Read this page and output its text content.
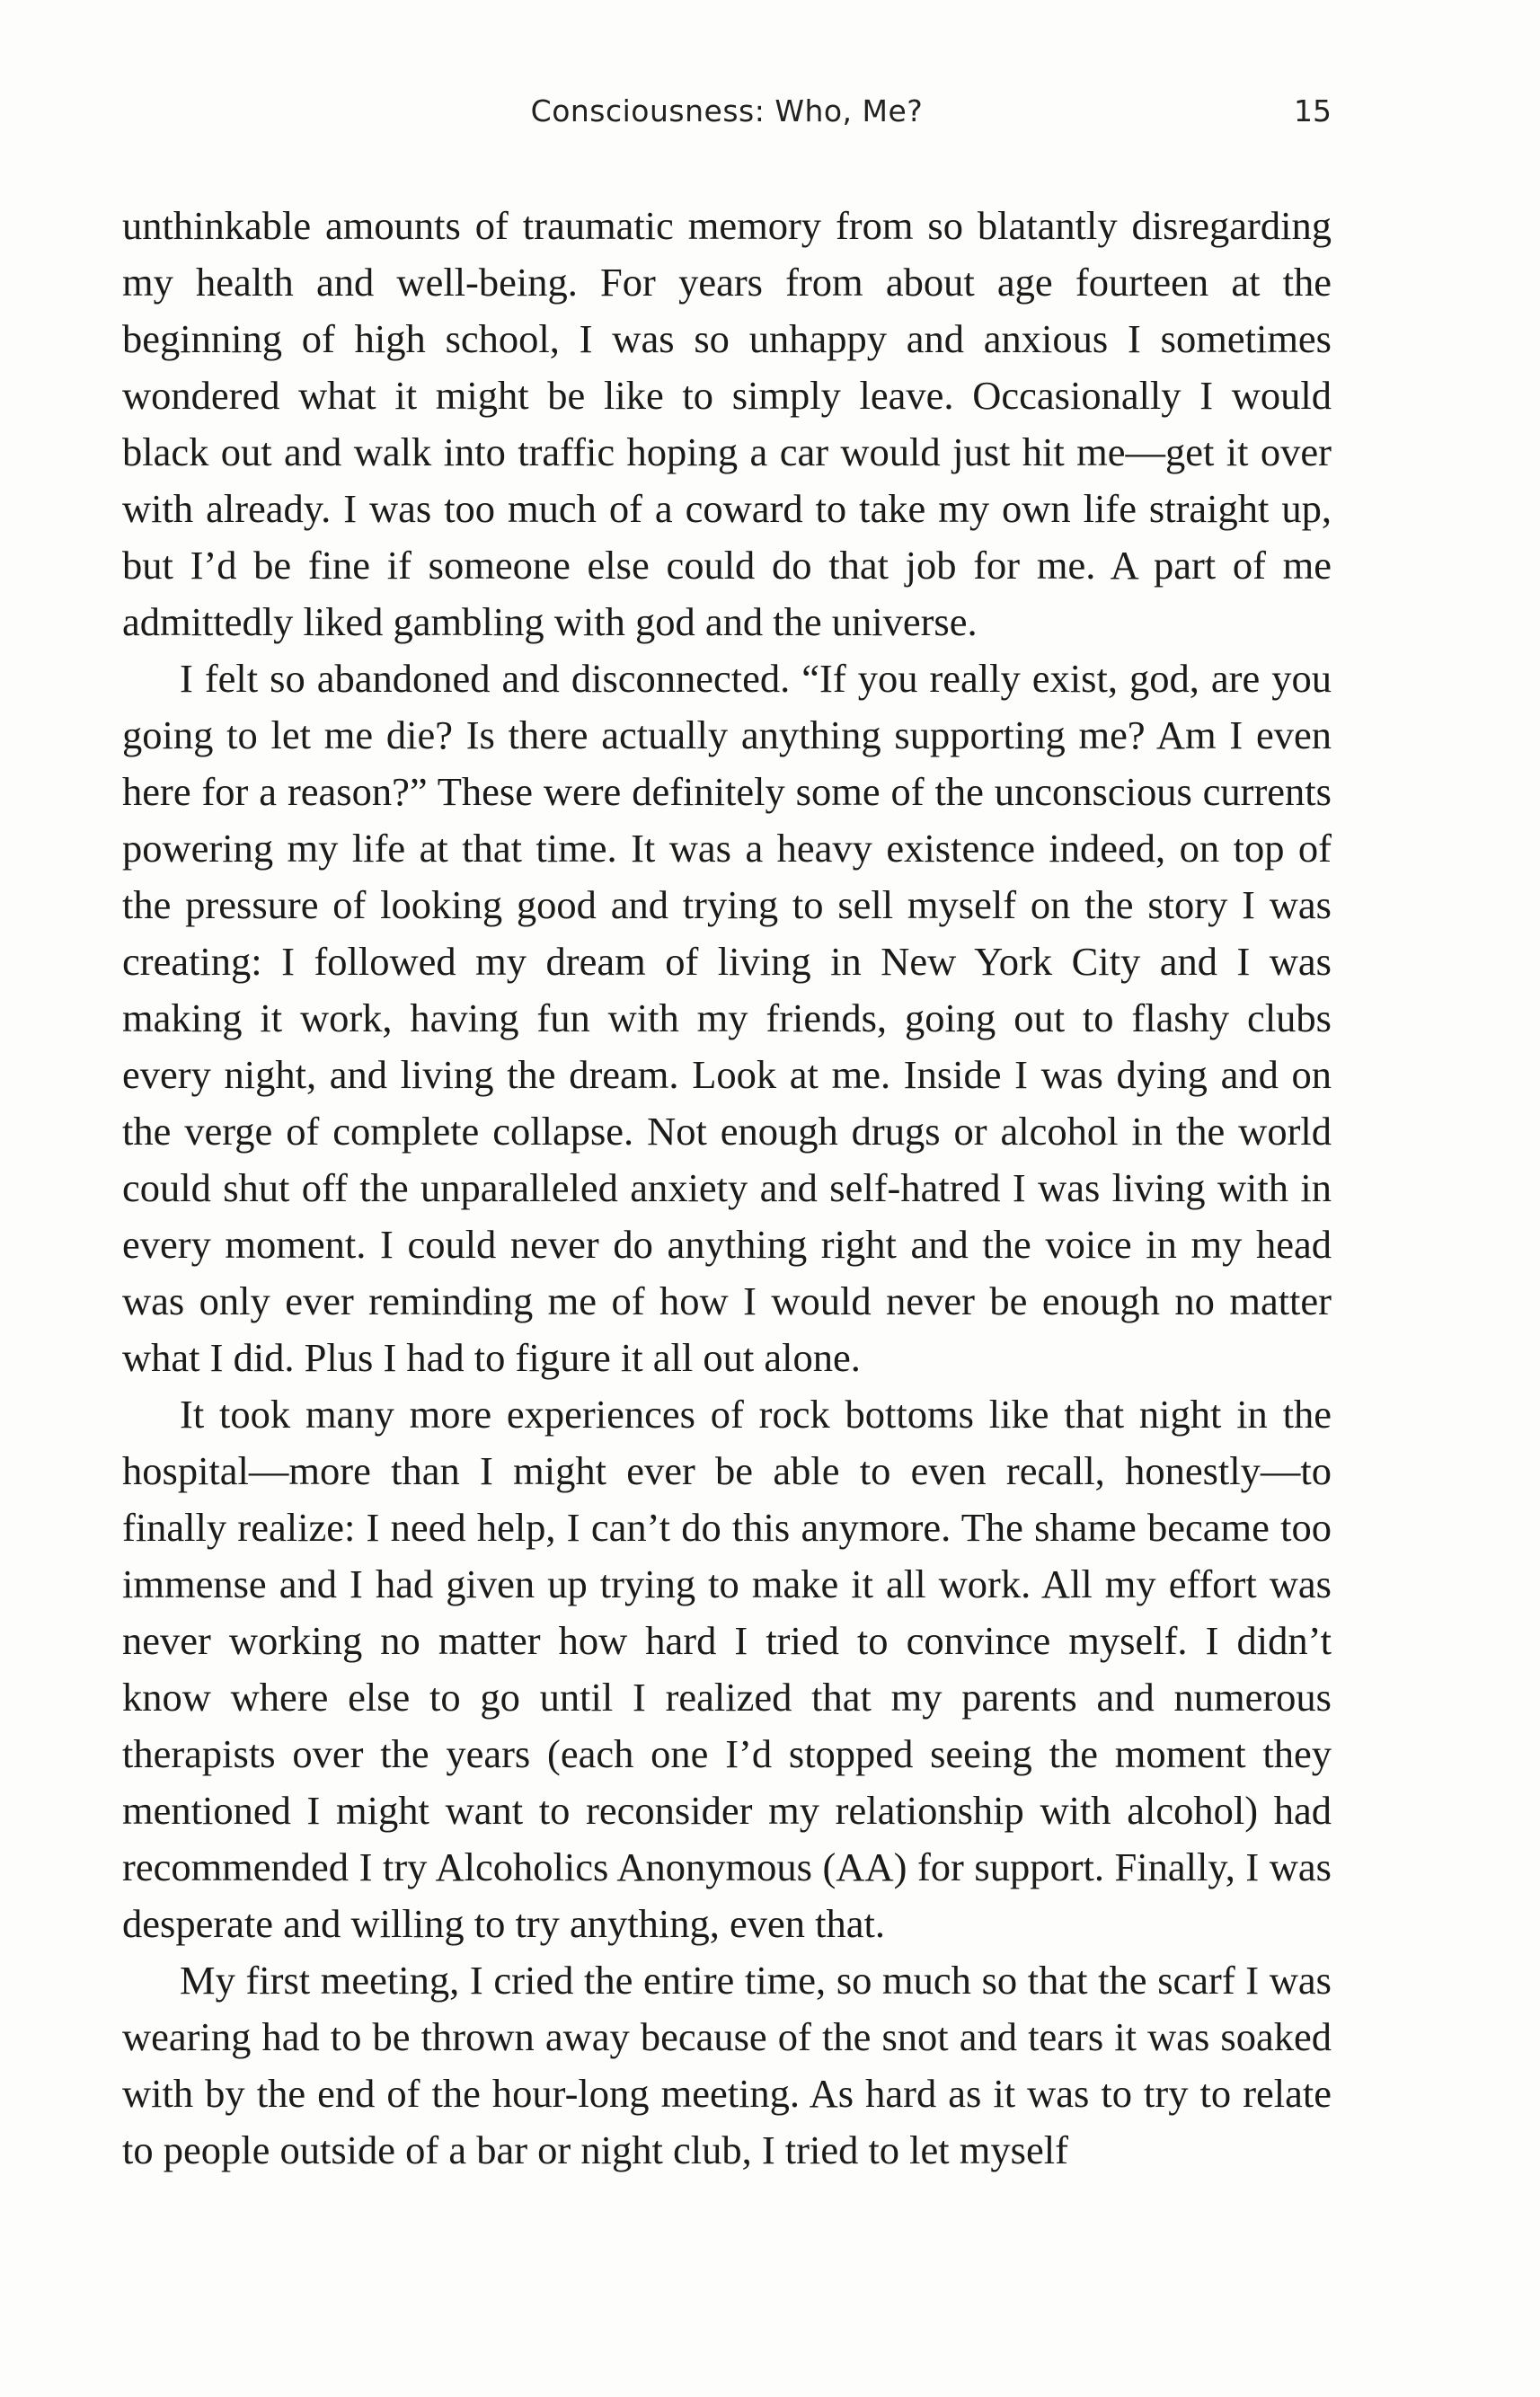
Consciousness: Who, Me?	15

unthinkable amounts of traumatic memory from so blatantly disregarding my health and well-being. For years from about age fourteen at the beginning of high school, I was so unhappy and anxious I sometimes wondered what it might be like to simply leave. Occasionally I would black out and walk into traffic hoping a car would just hit me—get it over with already. I was too much of a coward to take my own life straight up, but I’d be fine if someone else could do that job for me. A part of me admittedly liked gambling with god and the universe.

I felt so abandoned and disconnected. “If you really exist, god, are you going to let me die? Is there actually anything supporting me? Am I even here for a reason?” These were definitely some of the unconscious currents powering my life at that time. It was a heavy existence indeed, on top of the pressure of looking good and trying to sell myself on the story I was creating: I followed my dream of living in New York City and I was making it work, having fun with my friends, going out to flashy clubs every night, and living the dream. Look at me. Inside I was dying and on the verge of complete collapse. Not enough drugs or alcohol in the world could shut off the unparalleled anxiety and self-hatred I was living with in every moment. I could never do anything right and the voice in my head was only ever reminding me of how I would never be enough no matter what I did. Plus I had to figure it all out alone.

It took many more experiences of rock bottoms like that night in the hospital—more than I might ever be able to even recall, honestly—to finally realize: I need help, I can’t do this anymore. The shame became too immense and I had given up trying to make it all work. All my effort was never working no matter how hard I tried to convince myself. I didn’t know where else to go until I realized that my parents and numerous therapists over the years (each one I’d stopped seeing the moment they mentioned I might want to reconsider my relationship with alcohol) had recommended I try Alcoholics Anonymous (AA) for support. Finally, I was desperate and willing to try anything, even that.

My first meeting, I cried the entire time, so much so that the scarf I was wearing had to be thrown away because of the snot and tears it was soaked with by the end of the hour-long meeting. As hard as it was to try to relate to people outside of a bar or night club, I tried to let myself
